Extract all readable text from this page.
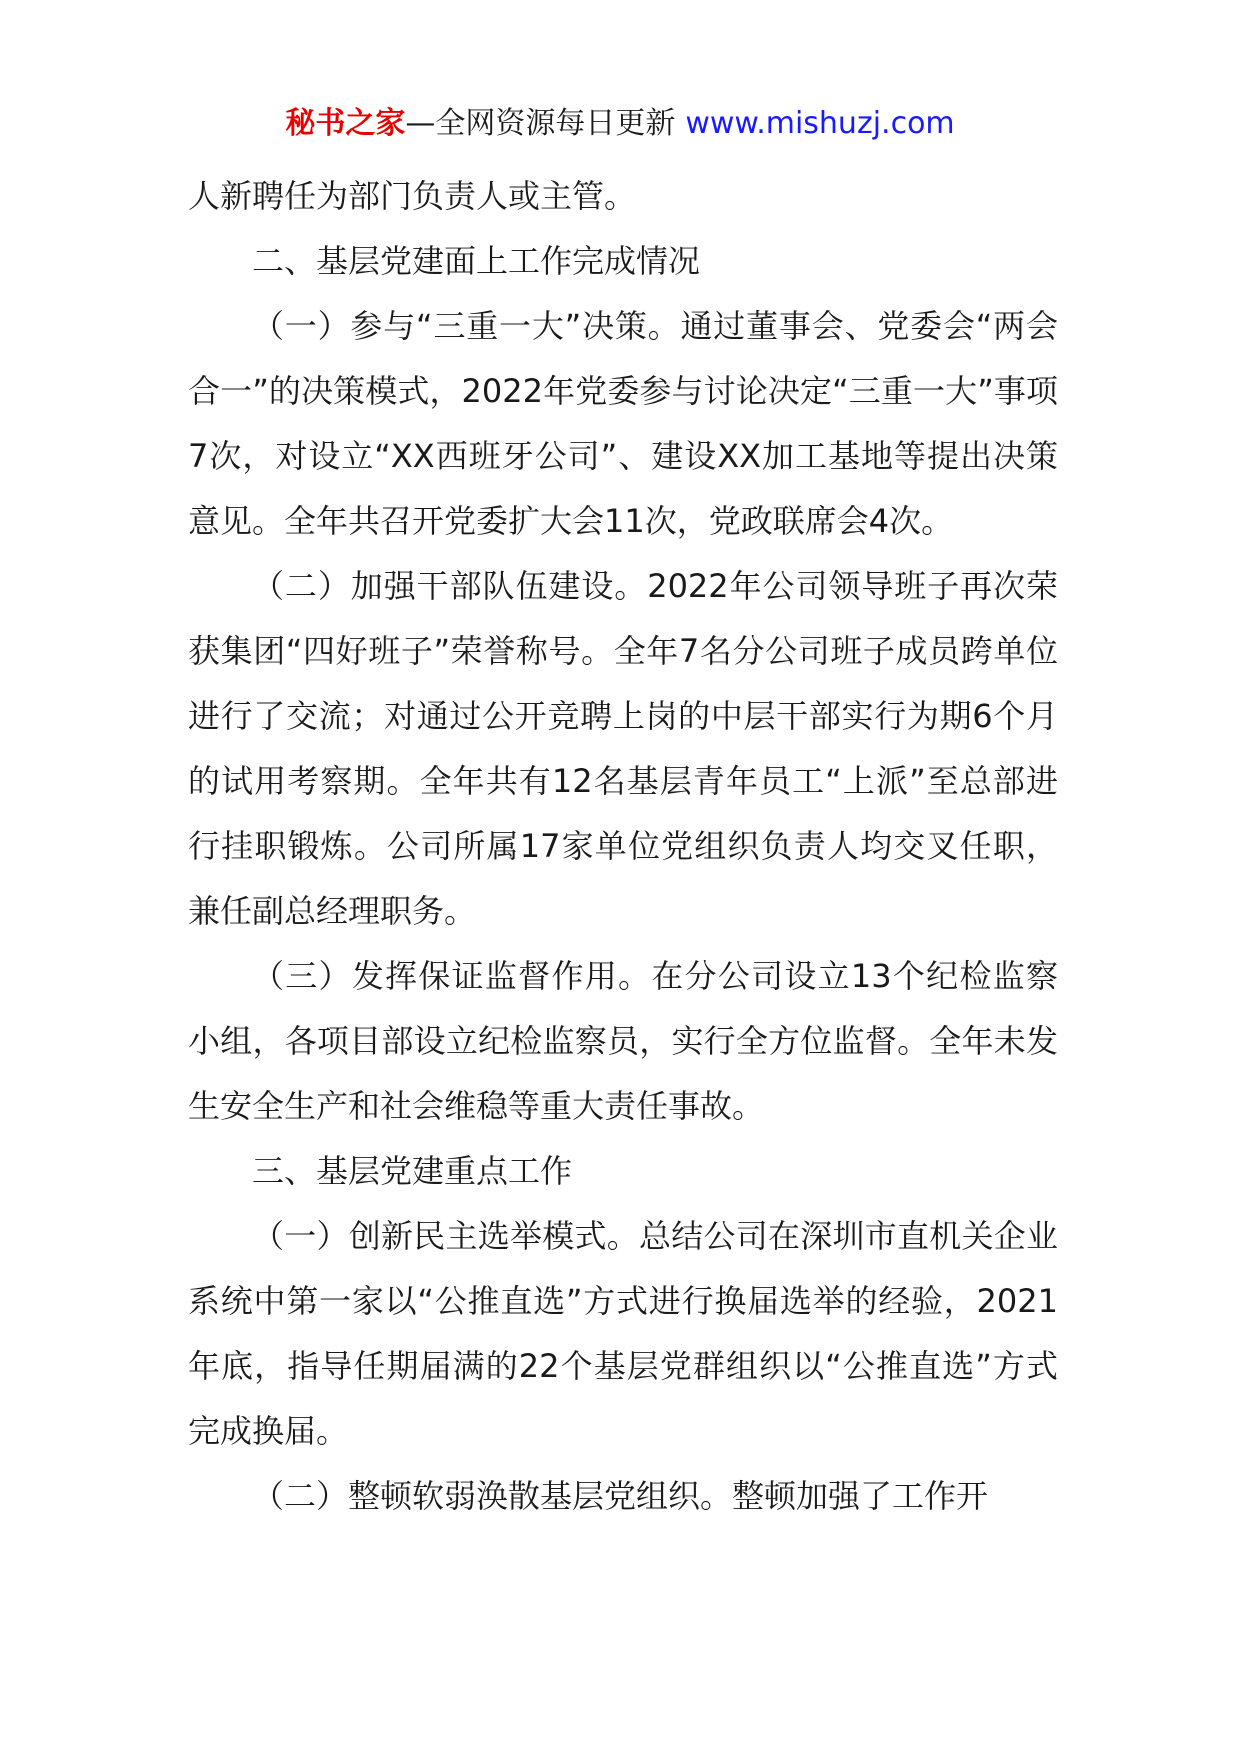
秘书之家—全网资源每日更新 www.mishuzj.com

人新聘任为部门负责人或主管。

二、基层党建面上工作完成情况

（一）参与“三重一大”决策。通过董事会、党委会“两会合一”的决策模式，2022年党委参与讨论决定“三重一大”事项7次，对设立“XX西班牙公司”、建设XX加工基地等提出决策意见。全年共召开党委扩大会11次，党政联席会4次。

（二）加强干部队伍建设。2022年公司领导班子再次荣获集团“四好班子”荣誉称号。全年7名分公司班子成员跨单位进行了交流；对通过公开竞聘上岗的中层干部实行为期6个月的试用考察期。全年共有12名基层青年员工“上派”至总部进行挂职锻炼。公司所属17家单位党组织负责人均交叉任职，兼任副总经理职务。

（三）发挥保证监督作用。在分公司设立13个纪检监察小组，各项目部设立纪检监察员，实行全方位监督。全年未发生安全生产和社会维稳等重大责任事故。

三、基层党建重点工作

（一）创新民主选举模式。总结公司在深圳市直机关企业系统中第一家以“公推直选”方式进行换届选举的经验，2021年底，指导任期届满的22个基层党群组织以“公推直选”方式完成换届。

（二）整顿软弱涣散基层党组织。整顿加强了工作开
